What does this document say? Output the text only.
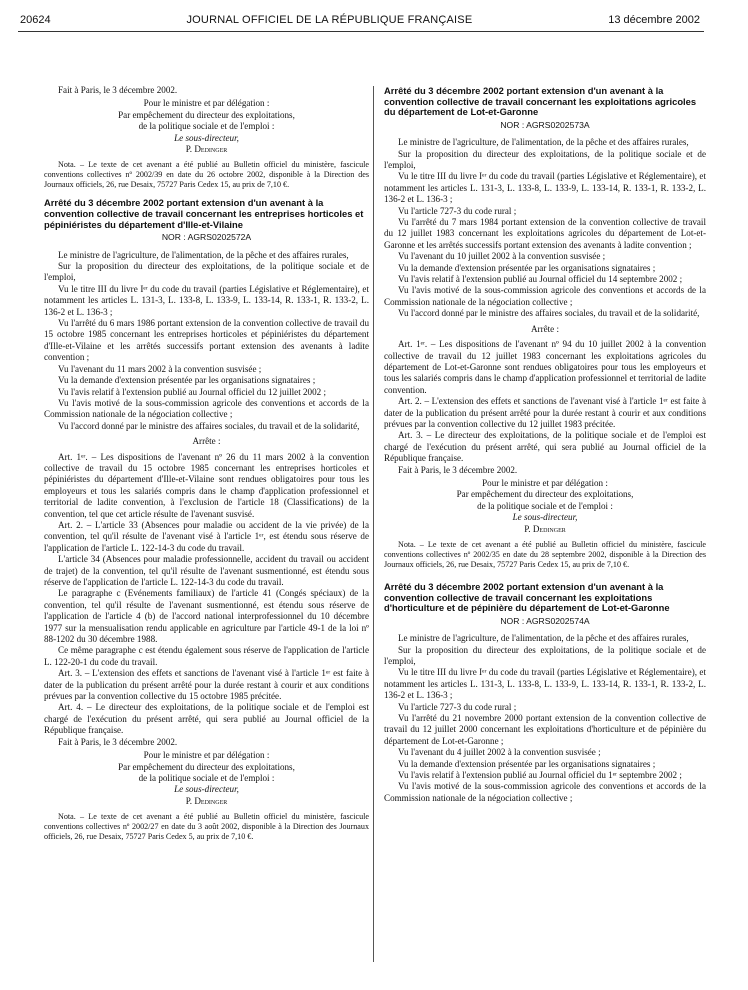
20624	JOURNAL OFFICIEL DE LA RÉPUBLIQUE FRANÇAISE	13 décembre 2002

Fait à Paris, le 3 décembre 2002.

Pour le ministre et par délégation :

Par empêchement du directeur des exploitations,

de la politique sociale et de l'emploi :

Le sous-directeur,

P. Dedinger

Nota. – Le texte de cet avenant a été publié au Bulletin officiel du ministère, fascicule conventions collectives nº 2002/39 en date du 26 octobre 2002, disponible à la Direction des Journaux officiels, 26, rue Desaix, 75727 Paris Cedex 15, au prix de 7,10 €.

Arrêté du 3 décembre 2002 portant extension d'un avenant à la convention collective de travail concernant les entreprises horticoles et pépiniéristes du département d'Ille-et-Vilaine

NOR : AGRS0202572A

Le ministre de l'agriculture, de l'alimentation, de la pêche et des affaires rurales,

Sur la proposition du directeur des exploitations, de la politique sociale et de l'emploi,

Vu le titre III du livre Iᵉʳ du code du travail (parties Législative et Réglementaire), et notamment les articles L. 131-3, L. 133-8, L. 133-9, L. 133-14, R. 133-1, R. 133-2, L. 136-2 et L. 136-3 ;

Vu l'arrêté du 6 mars 1986 portant extension de la convention collective de travail du 15 octobre 1985 concernant les entreprises horticoles et pépiniéristes du département d'Ille-et-Vilaine et les arrêtés successifs portant extension des avenants à ladite convention ;

Vu l'avenant du 11 mars 2002 à la convention susvisée ;

Vu la demande d'extension présentée par les organisations signataires ;

Vu l'avis relatif à l'extension publié au Journal officiel du 12 juillet 2002 ;

Vu l'avis motivé de la sous-commission agricole des conventions et accords de la Commission nationale de la négociation collective ;

Vu l'accord donné par le ministre des affaires sociales, du travail et de la solidarité,

Arrête :

Art. 1ᵉʳ. – Les dispositions de l'avenant nº 26 du 11 mars 2002 à la convention collective de travail du 15 octobre 1985 concernant les entreprises horticoles et pépiniéristes du département d'Ille-et-Vilaine sont rendues obligatoires pour tous les employeurs et tous les salariés compris dans le champ d'application professionnel et territorial de ladite convention, à l'exclusion de l'article 18 (Classifications) de la convention, tel que cet article résulte de l'avenant susvisé.

Art. 2. – L'article 33 (Absences pour maladie ou accident de la vie privée) de la convention, tel qu'il résulte de l'avenant visé à l'article 1ᵉʳ, est étendu sous réserve de l'application de l'article L. 122-14-3 du code du travail.

L'article 34 (Absences pour maladie professionnelle, accident du travail ou accident de trajet) de la convention, tel qu'il résulte de l'avenant susmentionné, est étendu sous réserve de l'application de l'article L. 122-14-3 du code du travail.

Le paragraphe c (Evénements familiaux) de l'article 41 (Congés spéciaux) de la convention, tel qu'il résulte de l'avenant susmentionné, est étendu sous réserve de l'application de l'article 4 (b) de l'accord national interprofessionnel du 10 décembre 1977 sur la mensualisation rendu applicable en agriculture par l'article 49-1 de la loi nº 88-1202 du 30 décembre 1988.

Ce même paragraphe c est étendu également sous réserve de l'application de l'article L. 122-20-1 du code du travail.

Art. 3. – L'extension des effets et sanctions de l'avenant visé à l'article 1ᵉʳ est faite à dater de la publication du présent arrêté pour la durée restant à courir et aux conditions prévues par la convention collective du 15 octobre 1985 précitée.

Art. 4. – Le directeur des exploitations, de la politique sociale et de l'emploi est chargé de l'exécution du présent arrêté, qui sera publié au Journal officiel de la République française.

Fait à Paris, le 3 décembre 2002.

Pour le ministre et par délégation :

Par empêchement du directeur des exploitations,

de la politique sociale et de l'emploi :

Le sous-directeur,

P. Dedinger

Nota. – Le texte de cet avenant a été publié au Bulletin officiel du ministère, fascicule conventions collectives nº 2002/27 en date du 3 août 2002, disponible à la Direction des Journaux officiels, 26, rue Desaix, 75727 Paris Cedex 5, au prix de 7,10 €.

Arrêté du 3 décembre 2002 portant extension d'un avenant à la convention collective de travail concernant les exploitations agricoles du département de Lot-et-Garonne

NOR : AGRS0202573A

Le ministre de l'agriculture, de l'alimentation, de la pêche et des affaires rurales,

Sur la proposition du directeur des exploitations, de la politique sociale et de l'emploi,

Vu le titre III du livre Iᵉʳ du code du travail (parties Législative et Réglementaire), et notamment les articles L. 131-3, L. 133-8, L. 133-9, L. 133-14, R. 133-1, R. 133-2, L. 136-2 et L. 136-3 ;

Vu l'article 727-3 du code rural ;

Vu l'arrêté du 7 mars 1984 portant extension de la convention collective de travail du 12 juillet 1983 concernant les exploitations agricoles du département de Lot-et-Garonne et les arrêtés successifs portant extension des avenants à ladite convention ;

Vu l'avenant du 10 juillet 2002 à la convention susvisée ;

Vu la demande d'extension présentée par les organisations signataires ;

Vu l'avis relatif à l'extension publié au Journal officiel du 14 septembre 2002 ;

Vu l'avis motivé de la sous-commission agricole des conventions et accords de la Commission nationale de la négociation collective ;

Vu l'accord donné par le ministre des affaires sociales, du travail et de la solidarité,

Arrête :

Art. 1ᵉʳ. – Les dispositions de l'avenant nº 94 du 10 juillet 2002 à la convention collective de travail du 12 juillet 1983 concernant les exploitations agricoles du département de Lot-et-Garonne sont rendues obligatoires pour tous les employeurs et tous les salariés compris dans le champ d'application professionnel et territorial de ladite convention.

Art. 2. – L'extension des effets et sanctions de l'avenant visé à l'article 1ᵉʳ est faite à dater de la publication du présent arrêté pour la durée restant à courir et aux conditions prévues par la convention collective du 12 juillet 1983 précitée.

Art. 3. – Le directeur des exploitations, de la politique sociale et de l'emploi est chargé de l'exécution du présent arrêté, qui sera publié au Journal officiel de la République française.

Fait à Paris, le 3 décembre 2002.

Pour le ministre et par délégation :

Par empêchement du directeur des exploitations,

de la politique sociale et de l'emploi :

Le sous-directeur,

P. Dedinger

Nota. – Le texte de cet avenant a été publié au Bulletin officiel du ministère, fascicule conventions collectives nº 2002/35 en date du 28 septembre 2002, disponible à la Direction des Journaux officiels, 26, rue Desaix, 75727 Paris Cedex 15, au prix de 7,10 €.

Arrêté du 3 décembre 2002 portant extension d'un avenant à la convention collective de travail concernant les exploitations d'horticulture et de pépinière du département de Lot-et-Garonne

NOR : AGRS0202574A

Le ministre de l'agriculture, de l'alimentation, de la pêche et des affaires rurales,

Sur la proposition du directeur des exploitations, de la politique sociale et de l'emploi,

Vu le titre III du livre Iᵉʳ du code du travail (parties Législative et Réglementaire), et notamment les articles L. 131-3, L. 133-8, L. 133-9, L. 133-14, R. 133-1, R. 133-2, L. 136-2 et L. 136-3 ;

Vu l'article 727-3 du code rural ;

Vu l'arrêté du 21 novembre 2000 portant extension de la convention collective de travail du 12 juillet 2000 concernant les exploitations d'horticulture et de pépinière du département de Lot-et-Garonne ;

Vu l'avenant du 4 juillet 2002 à la convention susvisée ;

Vu la demande d'extension présentée par les organisations signataires ;

Vu l'avis relatif à l'extension publié au Journal officiel du 1ᵉʳ septembre 2002 ;

Vu l'avis motivé de la sous-commission agricole des conventions et accords de la Commission nationale de la négociation collective ;
